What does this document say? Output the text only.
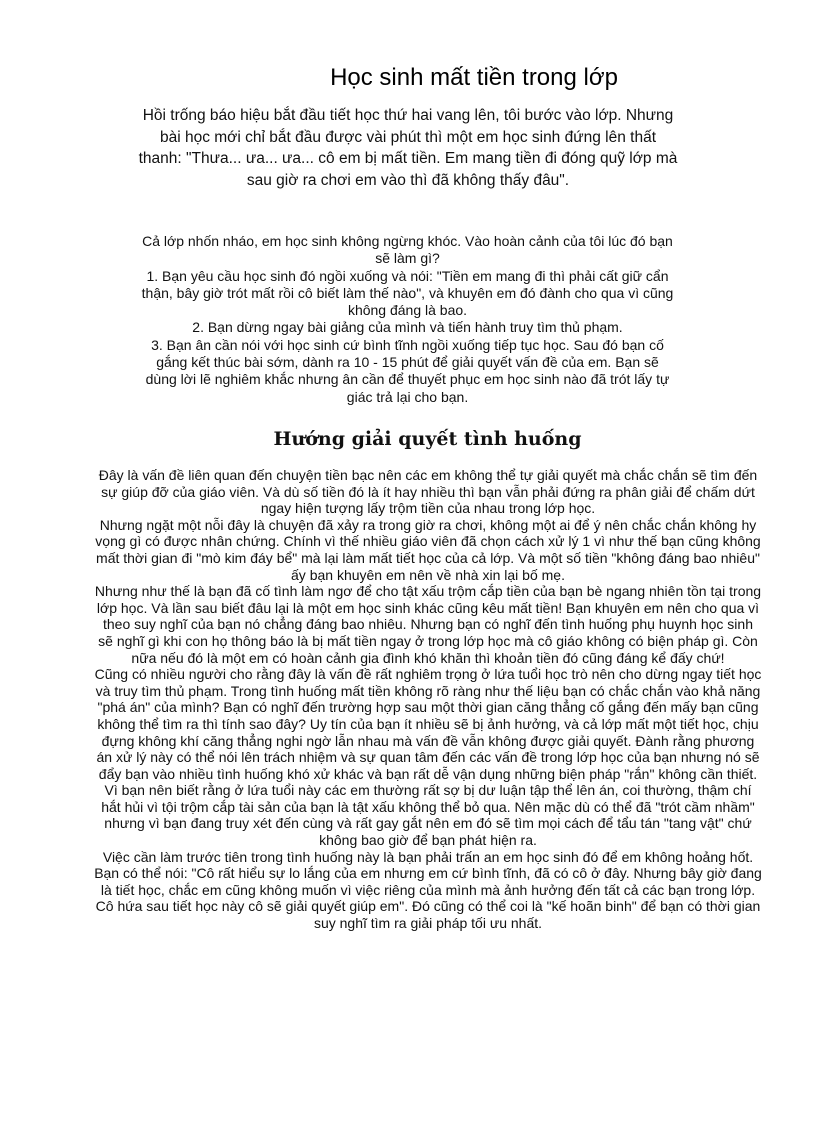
Học sinh mất tiền trong lớp

Hồi trống báo hiệu bắt đầu tiết học thứ hai vang lên, tôi bước vào lớp. Nhưng bài học mới chỉ bắt đầu được vài phút thì một em học sinh đứng lên thất thanh: "Thưa... ưa... ưa... cô em bị mất tiền. Em mang tiền đi đóng quỹ lớp mà sau giờ ra chơi em vào thì đã không thấy đâu".

Cả lớp nhốn nháo, em học sinh không ngừng khóc. Vào hoàn cảnh của tôi lúc đó bạn sẽ làm gì?

1. Bạn yêu cầu học sinh đó ngồi xuống và nói: "Tiền em mang đi thì phải cất giữ cẩn thận, bây giờ trót mất rồi cô biết làm thế nào", và khuyên em đó đành cho qua vì cũng không đáng là bao.

2. Bạn dừng ngay bài giảng của mình và tiến hành truy tìm thủ phạm.

3. Bạn ân cần nói với học sinh cứ bình tĩnh ngồi xuống tiếp tục học. Sau đó bạn cố gắng kết thúc bài sớm, dành ra 10 - 15 phút để giải quyết vấn đề của em. Bạn sẽ dùng lời lẽ nghiêm khắc nhưng ân cần để thuyết phục em học sinh nào đã trót lấy tự giác trả lại cho bạn.

Hướng giải quyết tình huống

Đây là vấn đề liên quan đến chuyện tiền bạc nên các em không thể tự giải quyết mà chắc chắn sẽ tìm đến sự giúp đỡ của giáo viên. Và dù số tiền đó là ít hay nhiều thì bạn vẫn phải đứng ra phân giải để chấm dứt ngay hiện tượng lấy trộm tiền của nhau trong lớp học.

Nhưng ngặt một nỗi đây là chuyện đã xảy ra trong giờ ra chơi, không một ai để ý nên chắc chắn không hy vọng gì có được nhân chứng. Chính vì thế nhiều giáo viên đã chọn cách xử lý 1 vì như thế bạn cũng không mất thời gian đi "mò kim đáy bể" mà lại làm mất tiết học của cả lớp. Và một số tiền "không đáng bao nhiêu" ấy bạn khuyên em nên về nhà xin lại bố mẹ.

Nhưng như thế là bạn đã cố tình làm ngơ để cho tật xấu trộm cắp tiền của bạn bè ngang nhiên tồn tại trong lớp học. Và lần sau biết đâu lại là một em học sinh khác cũng kêu mất tiền! Bạn khuyên em nên cho qua vì theo suy nghĩ của bạn nó chẳng đáng bao nhiêu. Nhưng bạn có nghĩ đến tình huống phụ huynh học sinh sẽ nghĩ gì khi con họ thông báo là bị mất tiền ngay ở trong lớp học mà cô giáo không có biện pháp gì. Còn nữa nếu đó là một em có hoàn cảnh gia đình khó khăn thì khoản tiền đó cũng đáng kể đấy chứ!

Cũng có nhiều người cho rằng đây là vấn đề rất nghiêm trọng ở lứa tuổi học trò nên cho dừng ngay tiết học và truy tìm thủ phạm. Trong tình huống mất tiền không rõ ràng như thế liệu bạn có chắc chắn vào khả năng "phá án" của mình? Bạn có nghĩ đến trường hợp sau một thời gian căng thẳng cố gắng đến mấy bạn cũng không thể tìm ra thì tính sao đây? Uy tín của bạn ít nhiều sẽ bị ảnh hưởng, và cả lớp mất một tiết học, chịu đựng không khí căng thẳng nghi ngờ lẫn nhau mà vấn đề vẫn không được giải quyết. Đành rằng phương án xử lý này có thể nói lên trách nhiệm và sự quan tâm đến các vấn đề trong lớp học của bạn nhưng nó sẽ đẩy bạn vào nhiều tình huống khó xử khác và bạn rất dễ vận dụng những biện pháp "rắn" không cần thiết. Vì bạn nên biết rằng ở lứa tuổi này các em thường rất sợ bị dư luận tập thể lên án, coi thường, thậm chí hắt hủi vì tội trộm cắp tài sản của bạn là tật xấu không thể bỏ qua. Nên mặc dù có thể đã "trót cầm nhầm" nhưng vì bạn đang truy xét đến cùng và rất gay gắt nên em đó sẽ tìm mọi cách để tẩu tán "tang vật" chứ không bao giờ để bạn phát hiện ra.

Việc cần làm trước tiên trong tình huống này là bạn phải trấn an em học sinh đó để em không hoảng hốt. Bạn có thể nói: "Cô rất hiểu sự lo lắng của em nhưng em cứ bình tĩnh, đã có cô ở đây. Nhưng bây giờ đang là tiết học, chắc em cũng không muốn vì việc riêng của mình mà ảnh hưởng đến tất cả các bạn trong lớp. Cô hứa sau tiết học này cô sẽ giải quyết giúp em". Đó cũng có thể coi là "kế hoãn binh" để bạn có thời gian suy nghĩ tìm ra giải pháp tối ưu nhất.
